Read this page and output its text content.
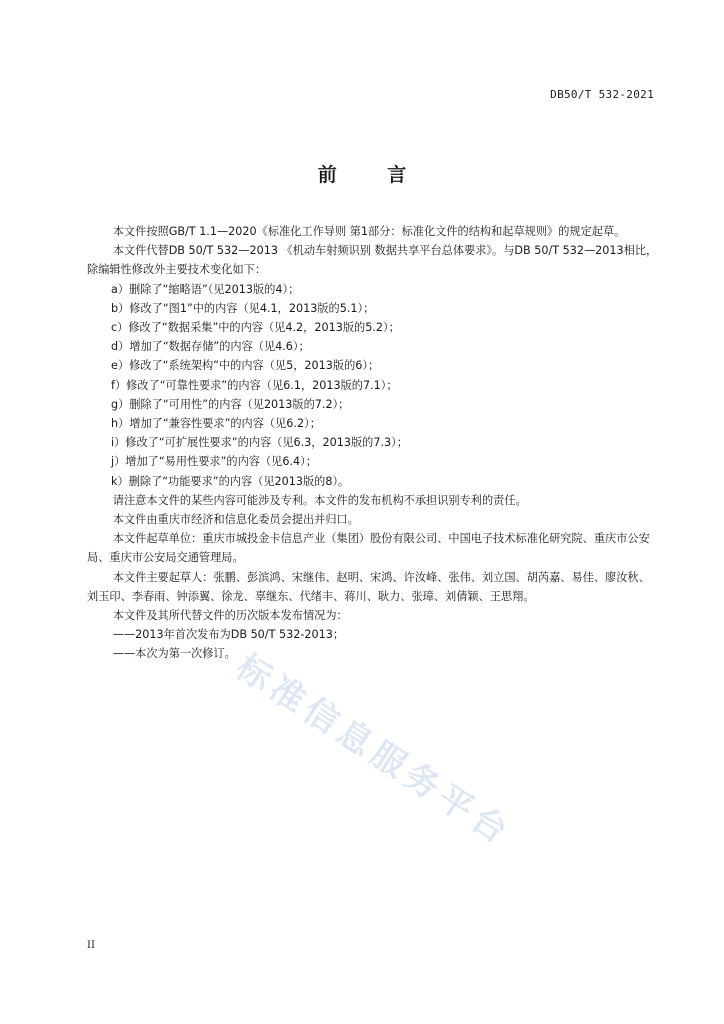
DB50/T 532-2021
前 言

本文件按照GB/T 1.1—2020《标准化工作导则 第1部分：标准化文件的结构和起草规则》的规定起草。

本文件代替DB 50/T 532—2013 《机动车射频识别 数据共享平台总体要求》。与DB 50/T 532—2013相比，除编辑性修改外主要技术变化如下：

a）删除了“缩略语”（见2013版的4）；

b）修改了“图1”中的内容（见4.1，2013版的5.1）；

c）修改了“数据采集”中的内容（见4.2，2013版的5.2）；

d）增加了“数据存储”的内容（见4.6）；

e）修改了“系统架构”中的内容（见5，2013版的6）；

f）修改了“可靠性要求”的内容（见6.1，2013版的7.1）；

g）删除了“可用性”的内容（见2013版的7.2）；

h）增加了“兼容性要求”的内容（见6.2）；

i）修改了“可扩展性要求”的内容（见6.3，2013版的7.3）；

j）增加了“易用性要求”的内容（见6.4）；

k）删除了“功能要求”的内容（见2013版的8）。

请注意本文件的某些内容可能涉及专利。本文件的发布机构不承担识别专利的责任。

本文件由重庆市经济和信息化委员会提出并归口。

本文件起草单位：重庆市城投金卡信息产业（集团）股份有限公司、中国电子技术标准化研究院、重庆市公安局、重庆市公安局交通管理局。

本文件主要起草人：张鹏、彭滨鸿、宋继伟、赵明、宋鸿、许汝峰、张伟、刘立国、胡芮嘉、易佳、廖汝秋、刘玉印、李春雨、钟添翼、徐龙、辜继东、代绪丰、蒋川、耿力、张璋、刘倩颖、王思翔。

本文件及其所代替文件的历次版本发布情况为：

——2013年首次发布为DB 50/T 532-2013；

——本次为第一次修订。

标准信息服务平台
II
